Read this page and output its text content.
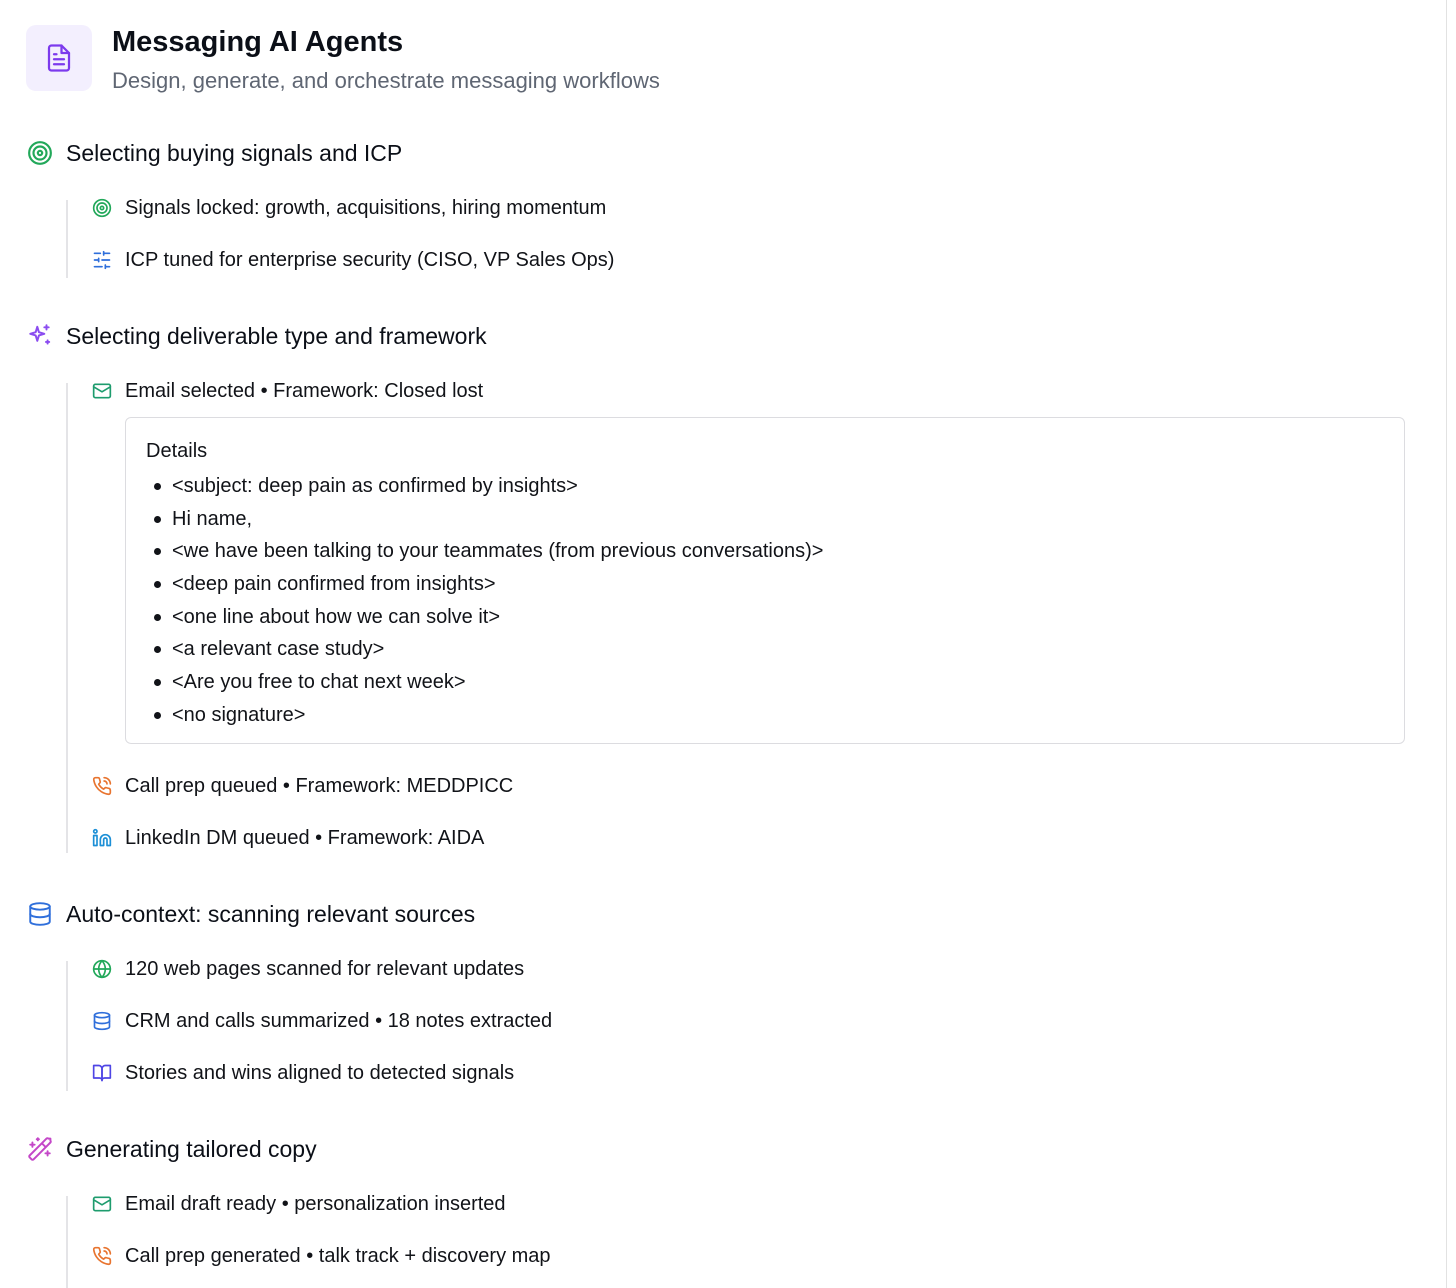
Messaging AI Agents
Design, generate, and orchestrate messaging workflows
Selecting buying signals and ICP
Signals locked: growth, acquisitions, hiring momentum
ICP tuned for enterprise security (CISO, VP Sales Ops)
Selecting deliverable type and framework
Email selected • Framework: Closed lost
Details
<subject: deep pain as confirmed by insights>
Hi name,
<we have been talking to your teammates (from previous conversations)>
<deep pain confirmed from insights>
<one line about how we can solve it>
<a relevant case study>
<Are you free to chat next week>
<no signature>
Call prep queued • Framework: MEDDPICC
LinkedIn DM queued • Framework: AIDA
Auto-context: scanning relevant sources
120 web pages scanned for relevant updates
CRM and calls summarized • 18 notes extracted
Stories and wins aligned to detected signals
Generating tailored copy
Email draft ready • personalization inserted
Call prep generated • talk track + discovery map
